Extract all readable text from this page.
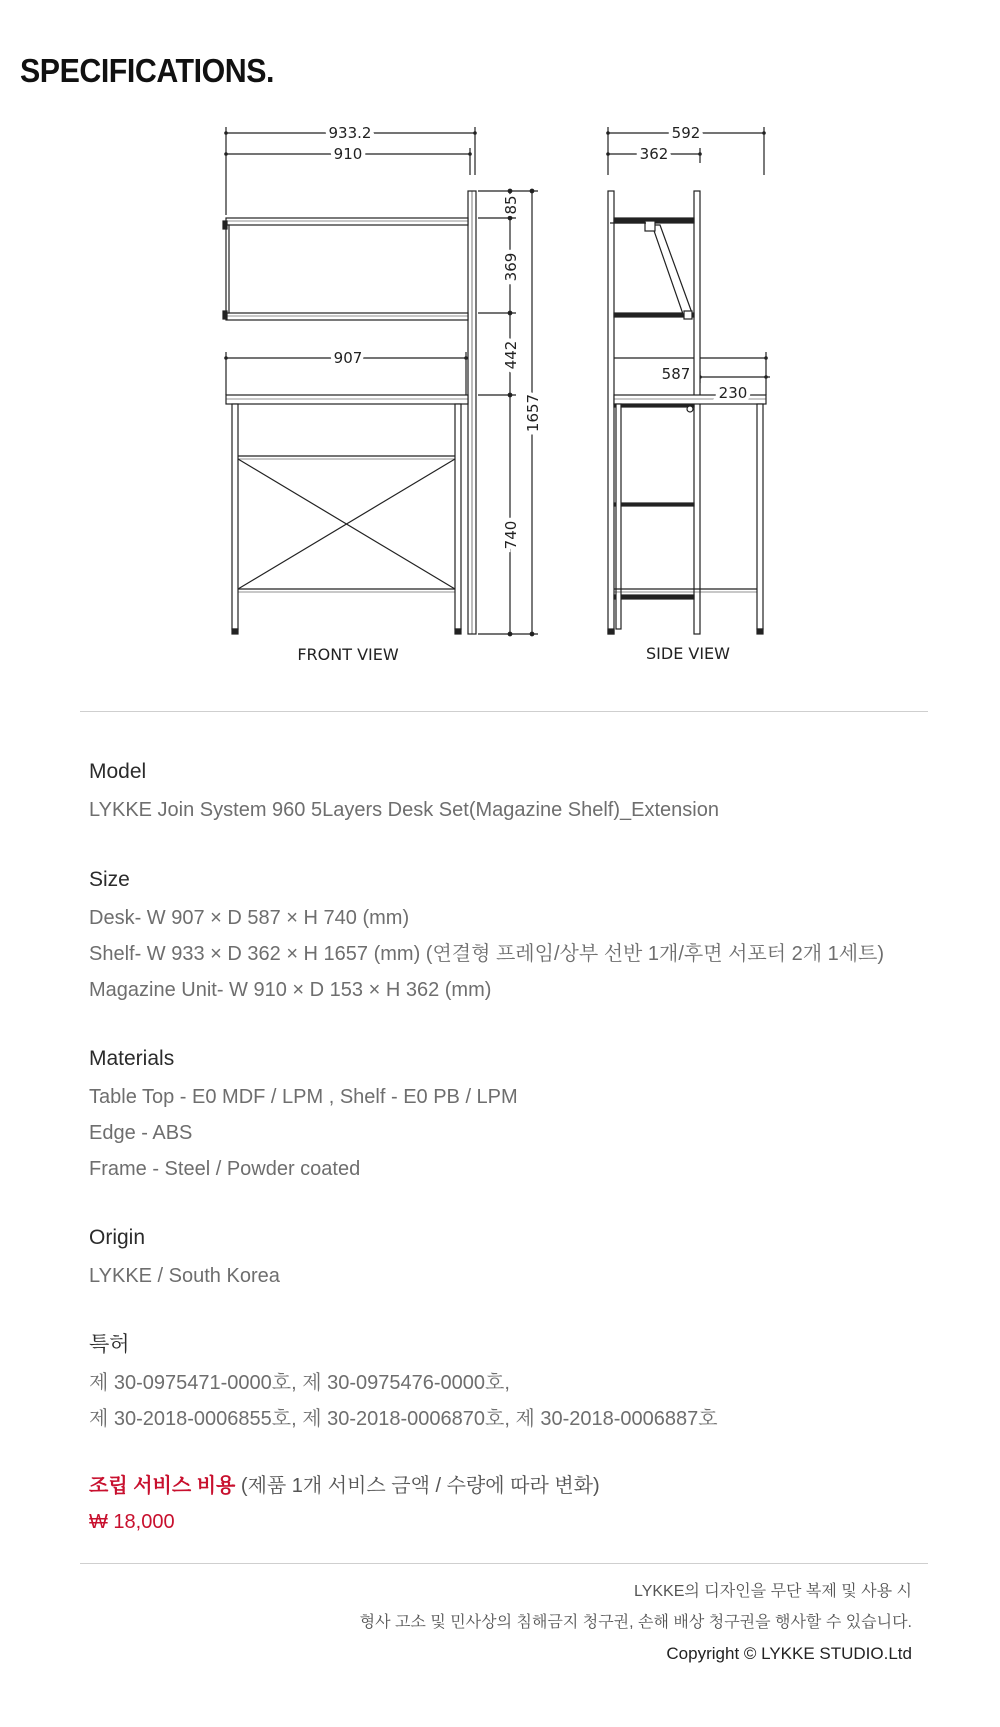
SPECIFICATIONS.
933.2
910
907
85
369
442
740
1657
592
362
587
230
FRONT VIEW	SIDE VIEW

Model

LYKKE Join System 960 5Layers Desk Set(Magazine Shelf)_Extension

Size

Desk- W 907 × D 587 × H 740 (mm)

Shelf- W 933 × D 362 × H 1657 (mm) (연결형 프레임/상부 선반 1개/후면 서포터 2개 1세트)

Magazine Unit- W 910 × D 153 × H 362 (mm)

Materials

Table Top - E0 MDF / LPM , Shelf - E0 PB / LPM

Edge - ABS

Frame - Steel / Powder coated

Origin

LYKKE / South Korea

특허

제 30-0975471-0000호, 제 30-0975476-0000호,

제 30-2018-0006855호, 제 30-2018-0006870호, 제 30-2018-0006887호

조립 서비스 비용 (제품 1개 서비스 금액 / 수량에 따라 변화)

₩ 18,000

LYKKE의 디자인을 무단 복제 및 사용 시
형사 고소 및 민사상의 침해금지 청구권, 손해 배상 청구권을 행사할 수 있습니다.
Copyright © LYKKE STUDIO.Ltd
